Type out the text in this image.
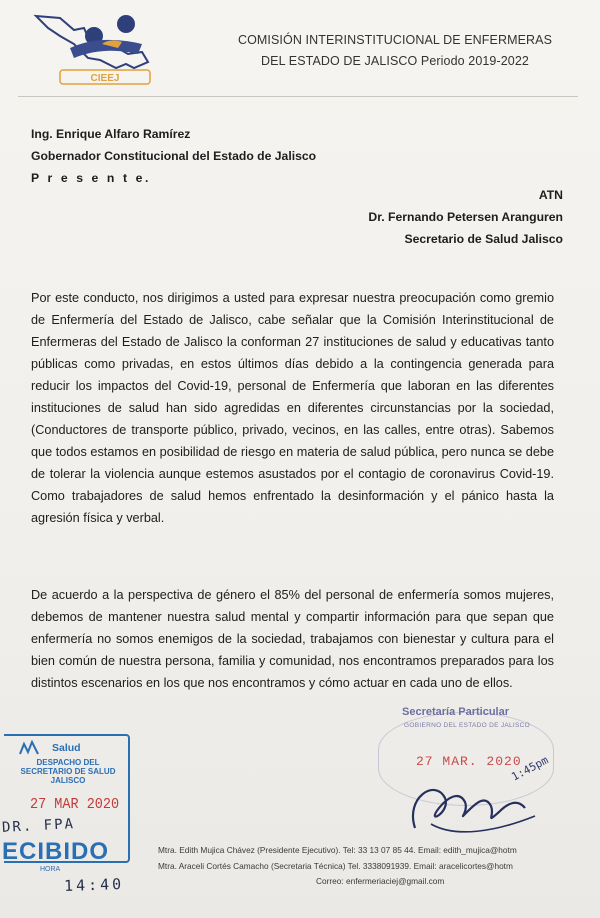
CIEEJ
COMISIÓN INTERINSTITUCIONAL DE ENFERMERAS
DEL ESTADO DE JALISCO Periodo 2019-2022
Ing. Enrique Alfaro Ramírez
Gobernador Constitucional del Estado de Jalisco
P r e s e n t e.
ATN
Dr. Fernando Petersen Aranguren
Secretario de Salud Jalisco
Por este conducto, nos dirigimos a usted para expresar nuestra preocupación como gremio de Enfermería del Estado de Jalisco, cabe señalar que la Comisión Interinstitucional de Enfermeras del Estado de Jalisco la conforman 27 instituciones de salud y educativas tanto públicas como privadas, en estos últimos días debido a la contingencia generada para reducir los impactos del Covid-19, personal de Enfermería que laboran en las diferentes instituciones de salud han sido agredidas en diferentes circunstancias por la sociedad, (Conductores de transporte público, privado, vecinos, en las calles, entre otras). Sabemos que todos estamos en posibilidad de riesgo en materia de salud pública, pero nunca se debe de tolerar la violencia aunque estemos asustados por el contagio de coronavirus Covid-19. Como trabajadores de salud hemos enfrentado la desinformación y el pánico hasta la agresión física y verbal.
De acuerdo a la perspectiva de género el 85% del personal de enfermería somos mujeres, debemos de mantener nuestra salud mental y compartir información para que sepan que enfermería no somos enemigos de la sociedad, trabajamos con bienestar y cultura para el bien común de nuestra persona, familia y comunidad, nos encontramos preparados para los distintos escenarios en los que nos encontramos y cómo actuar en cada uno de ellos.
Salud
DESPACHO DEL SECRETARIO DE SALUD JALISCO
27 MAR 2020
ECIBIDO
HORA
DR. FPA
14:40
Secretaría Particular
GOBIERNO DEL ESTADO DE JALISCO
27 MAR. 2020
1:45pm
Mtra. Edith Mujica Chávez (Presidente Ejecutivo). Tel: 33 13 07 85 44. Email: edith_mujica@hotm
Mtra. Araceli Cortés Camacho (Secretaria Técnica) Tel. 3338091939. Email: aracelicortes@hotm
Correo: enfermeriaciej@gmail.com
